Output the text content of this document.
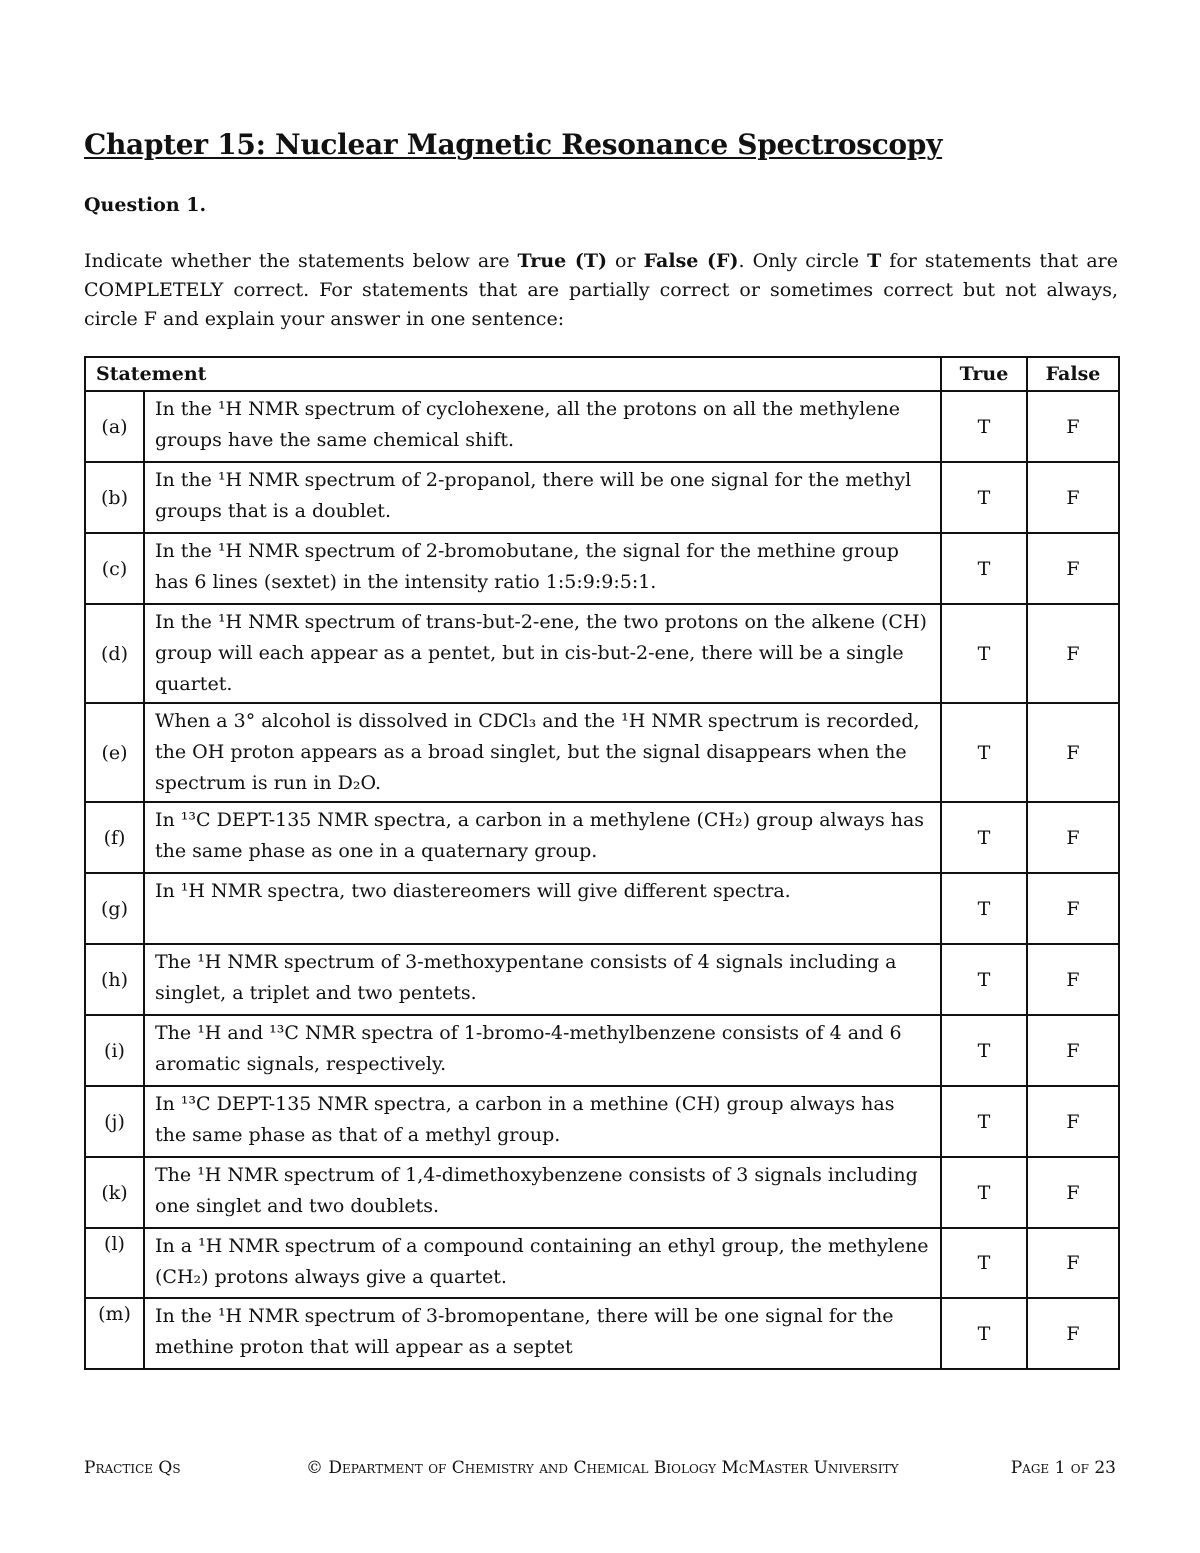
Chapter 15: Nuclear Magnetic Resonance Spectroscopy
Question 1.
Indicate whether the statements below are True (T) or False (F). Only circle T for statements that are COMPLETELY correct. For statements that are partially correct or sometimes correct but not always, circle F and explain your answer in one sentence:
Statement		True	False
(a)	In the ¹H NMR spectrum of cyclohexene, all the protons on all the methylene groups have the same chemical shift.	T	F
(b)	In the ¹H NMR spectrum of 2-propanol, there will be one signal for the methyl groups that is a doublet.	T	F
(c)	In the ¹H NMR spectrum of 2-bromobutane, the signal for the methine group has 6 lines (sextet) in the intensity ratio 1:5:9:9:5:1.	T	F
(d)	In the ¹H NMR spectrum of trans-but-2-ene, the two protons on the alkene (CH) group will each appear as a pentet, but in cis-but-2-ene, there will be a single quartet.	T	F
(e)	When a 3° alcohol is dissolved in CDCl₃ and the ¹H NMR spectrum is recorded, the OH proton appears as a broad singlet, but the signal disappears when the spectrum is run in D₂O.	T	F
(f)	In ¹³C DEPT-135 NMR spectra, a carbon in a methylene (CH₂) group always has the same phase as one in a quaternary group.	T	F
(g)	In ¹H NMR spectra, two diastereomers will give different spectra.	T	F
(h)	The ¹H NMR spectrum of 3-methoxypentane consists of 4 signals including a singlet, a triplet and two pentets.	T	F
(i)	The ¹H and ¹³C NMR spectra of 1-bromo-4-methylbenzene consists of 4 and 6 aromatic signals, respectively.	T	F
(j)	In ¹³C DEPT-135 NMR spectra, a carbon in a methine (CH) group always has the same phase as that of a methyl group.	T	F
(k)	The ¹H NMR spectrum of 1,4-dimethoxybenzene consists of 3 signals including one singlet and two doublets.	T	F
(l)	In a ¹H NMR spectrum of a compound containing an ethyl group, the methylene (CH₂) protons always give a quartet.	T	F
(m)	In the ¹H NMR spectrum of 3-bromopentane, there will be one signal for the methine proton that will appear as a septet	T	F
Practice Qs	© Department of Chemistry and Chemical Biology McMaster University	Page 1 of 23
